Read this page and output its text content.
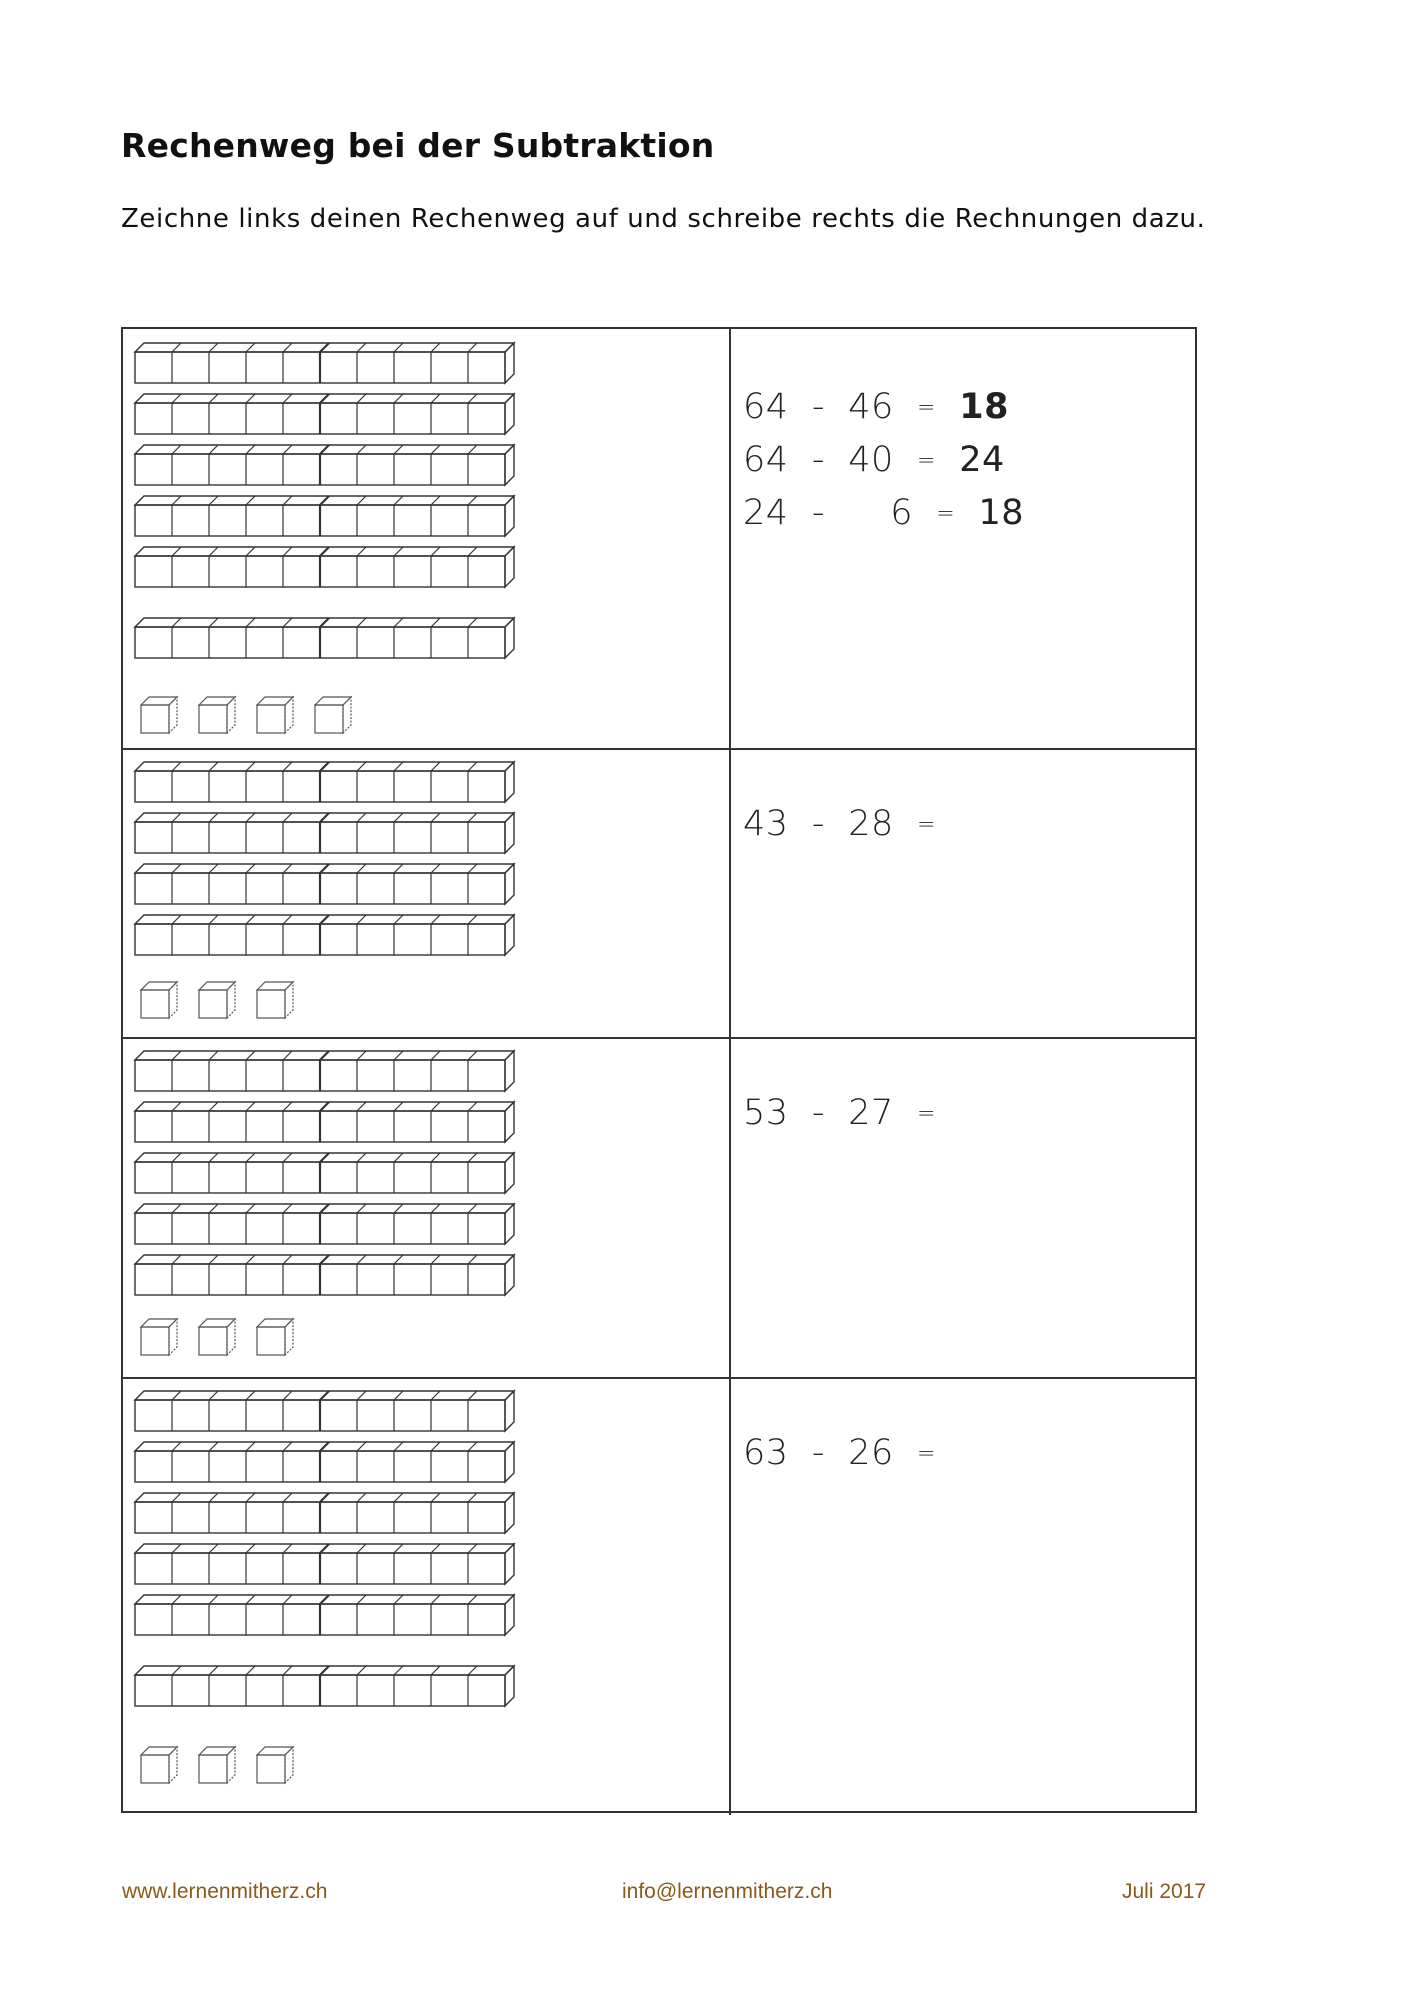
Rechenweg bei der Subtraktion
Zeichne links deinen Rechenweg auf und schreibe rechts die Rechnungen dazu.
64 - 46 = 18
64 - 40 = 24
24 - 6 = 18
43 - 28 =
53 - 27 =
63 - 26 =
www.lernenmitherz.ch	info@lernenmitherz.ch	Juli 2017
